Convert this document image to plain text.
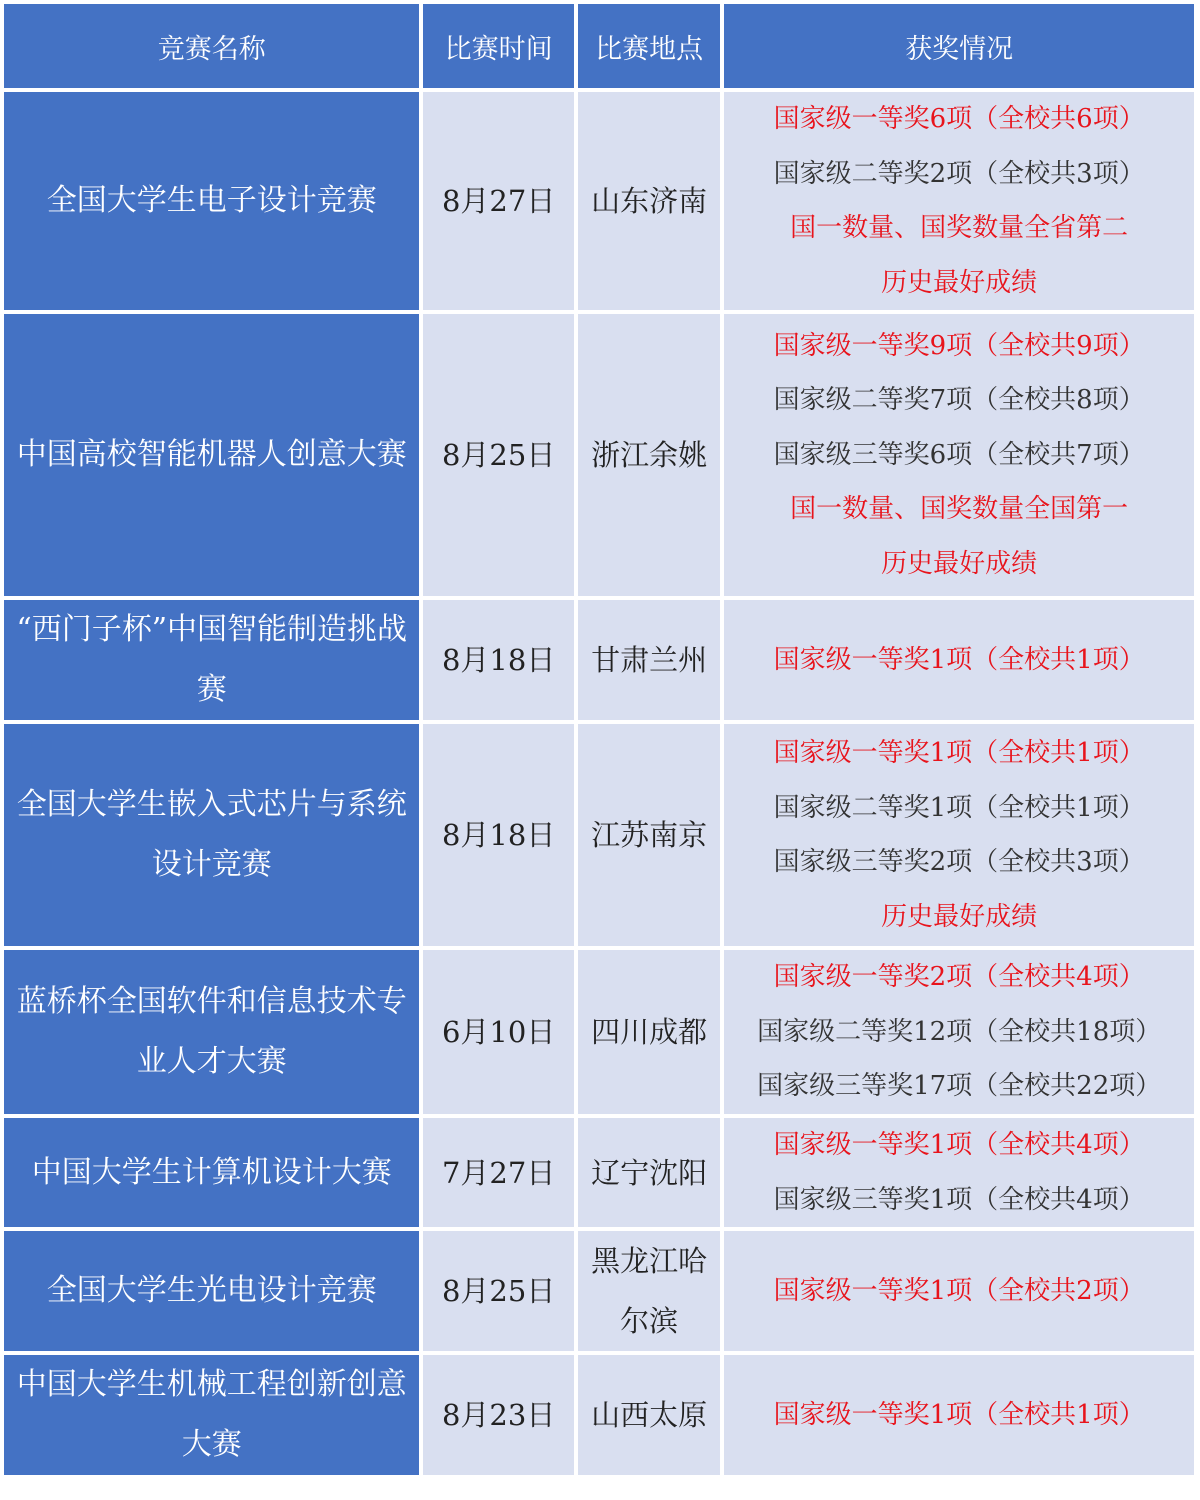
竞赛名称	比赛时间	比赛地点	获奖情况
全国大学生电子设计竞赛	8月27日	山东济南	国家级一等奖6项（全校共6项）
国家级二等奖2项（全校共3项）
国一数量、国奖数量全省第二
历史最好成绩

中国高校智能机器人创意大赛	8月25日	浙江余姚	国家级一等奖9项（全校共9项）
国家级二等奖7项（全校共8项）
国家级三等奖6项（全校共7项）
国一数量、国奖数量全国第一
历史最好成绩

“西门子杯”中国智能制造挑战赛	8月18日	甘肃兰州	国家级一等奖1项（全校共1项）

全国大学生嵌入式芯片与系统设计竞赛	8月18日	江苏南京	国家级一等奖1项（全校共1项）
国家级二等奖1项（全校共1项）
国家级三等奖2项（全校共3项）
历史最好成绩

蓝桥杯全国软件和信息技术专业人才大赛	6月10日	四川成都	国家级一等奖2项（全校共4项）
国家级二等奖12项（全校共18项）
国家级三等奖17项（全校共22项）

中国大学生计算机设计大赛	7月27日	辽宁沈阳	国家级一等奖1项（全校共4项）
国家级三等奖1项（全校共4项）

全国大学生光电设计竞赛	8月25日	黑龙江哈尔滨	国家级一等奖1项（全校共2项）

中国大学生机械工程创新创意大赛	8月23日	山西太原	国家级一等奖1项（全校共1项）
